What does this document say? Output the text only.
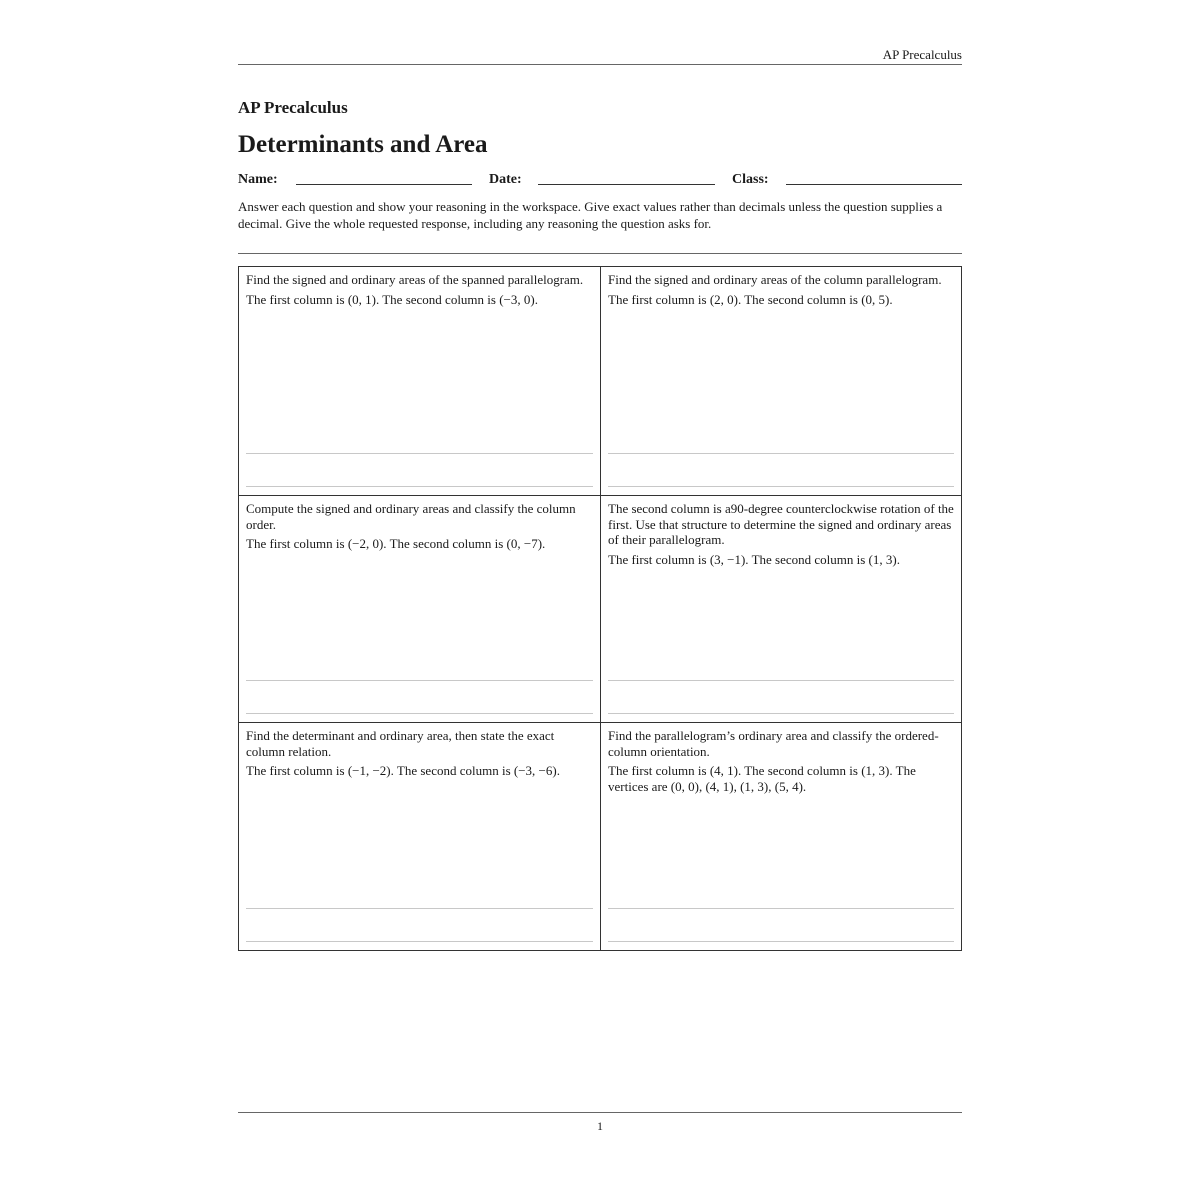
AP Precalculus
AP Precalculus
Determinants and Area
Name:	Date:	Class:
Answer each question and show your reasoning in the workspace. Give exact values rather than decimals unless the question supplies a decimal. Give the whole requested response, including any reasoning the question asks for.
Find the signed and ordinary areas of the spanned parallelogram.
The first column is (0, 1). The second column is (−3, 0).
Find the signed and ordinary areas of the column parallelogram.
The first column is (2, 0). The second column is (0, 5).
Compute the signed and ordinary areas and classify the column order.
The first column is (−2, 0). The second column is (0, −7).
The second column is a90-degree counterclockwise rotation of the first. Use that structure to determine the signed and ordinary areas of their parallelogram.
The first column is (3, −1). The second column is (1, 3).
Find the determinant and ordinary area, then state the exact column relation.
The first column is (−1, −2). The second column is (−3, −6).
Find the parallelogram’s ordinary area and classify the ordered-column orientation.
The first column is (4, 1). The second column is (1, 3). The vertices are (0, 0), (4, 1), (1, 3), (5, 4).
1
